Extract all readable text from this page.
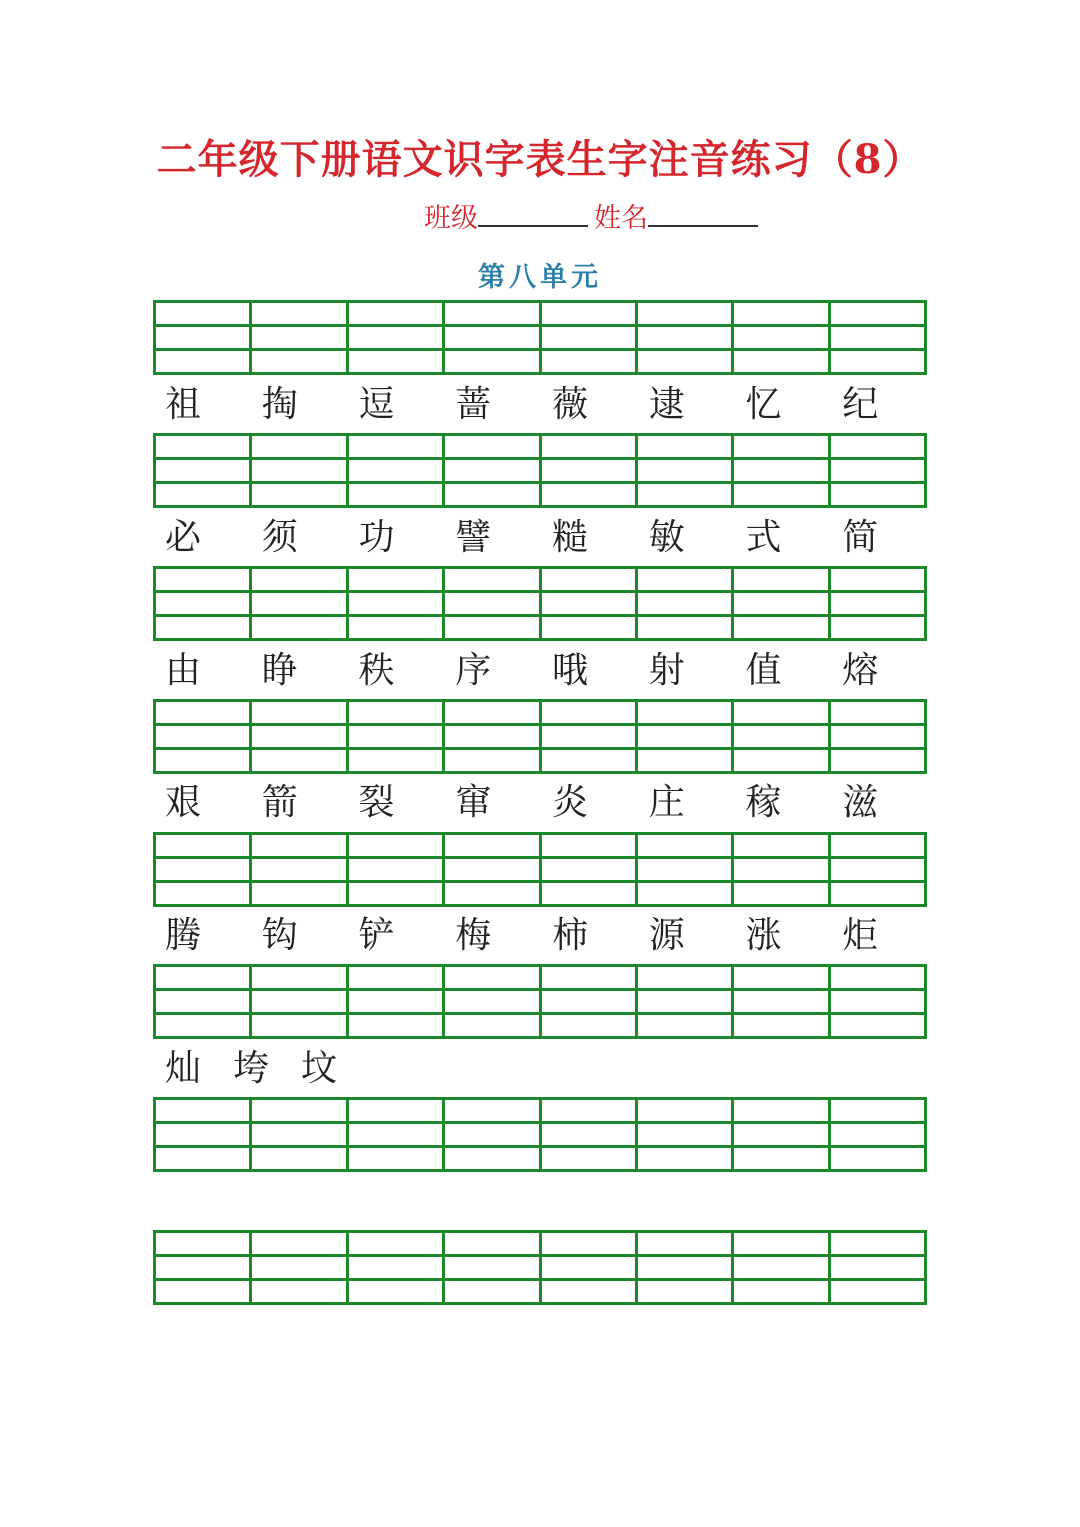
二年级下册语文识字表生字注音练习（8）
班级	姓名
第八单元
祖	掏	逗	蔷	薇	逮	忆	纪
必	须	功	譬	糙	敏	式	简
由	睁	秩	序	哦	射	值	熔
艰	箭	裂	窜	炎	庄	稼	滋
腾	钩	铲	梅	柿	源	涨	炬
灿 垮 坟
